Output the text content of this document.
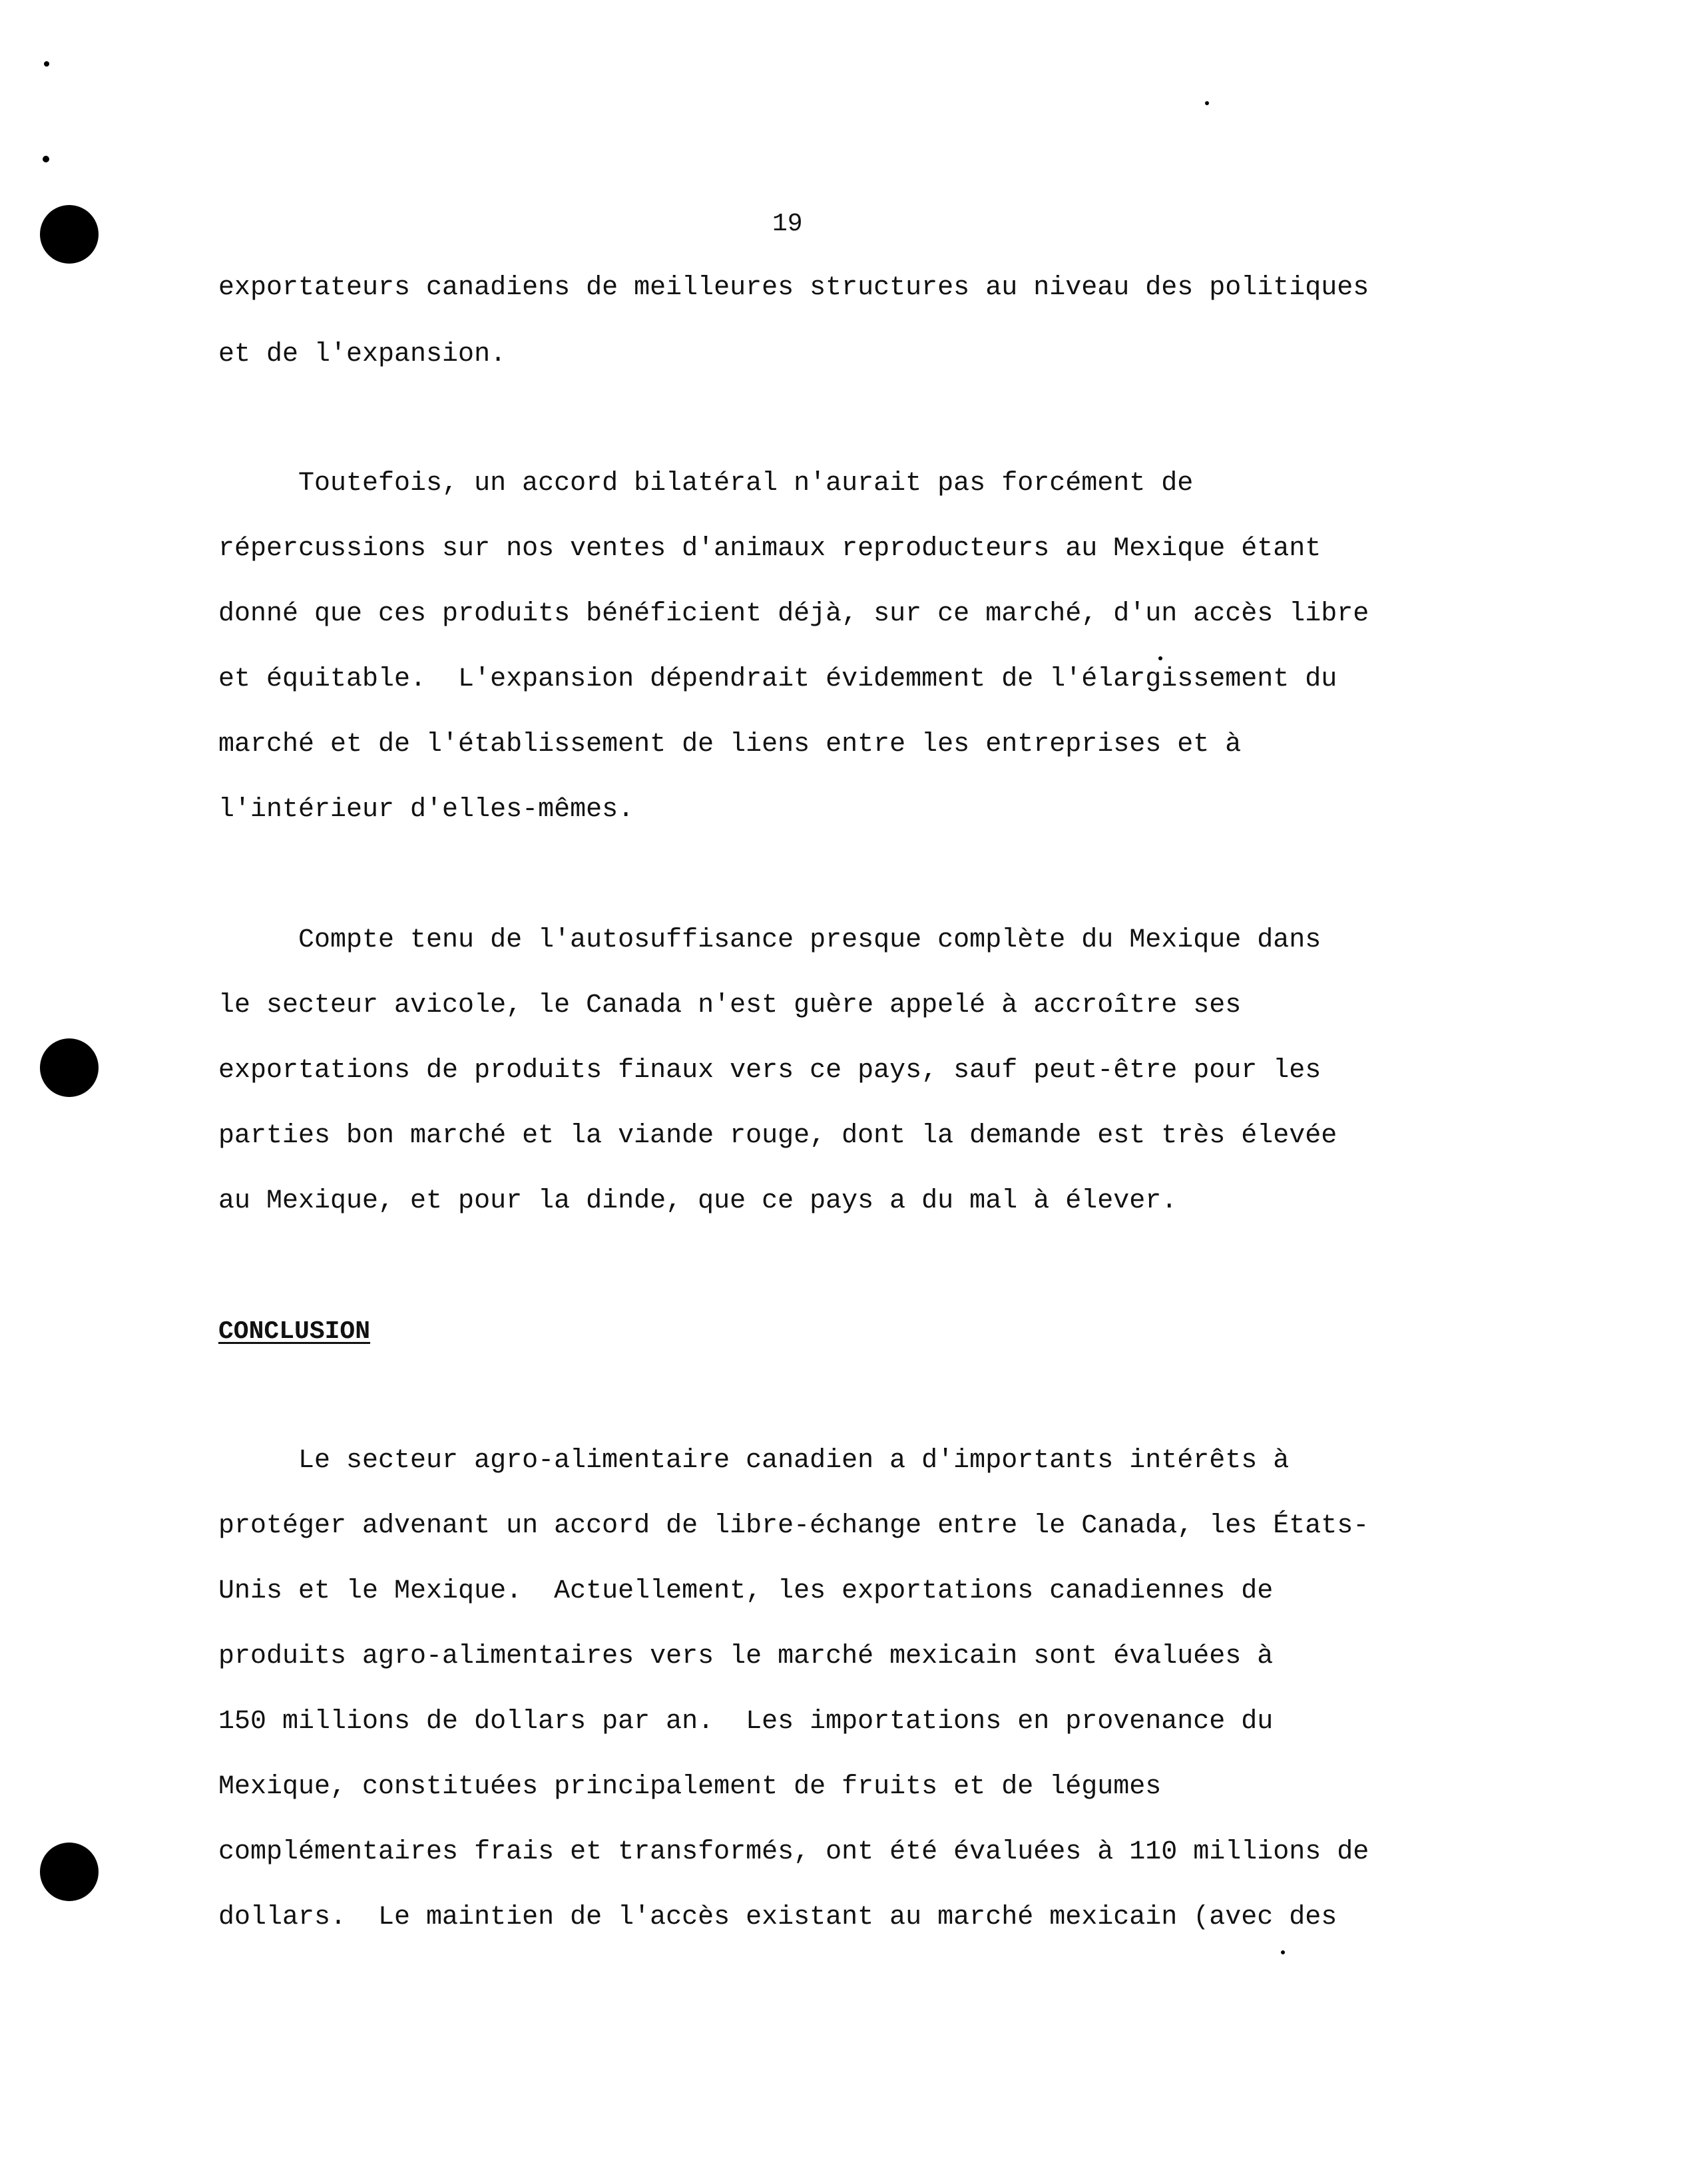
19
exportateurs canadiens de meilleures structures au niveau des politiques
et de l'expansion.
Toutefois, un accord bilatéral n'aurait pas forcément de
répercussions sur nos ventes d'animaux reproducteurs au Mexique étant
donné que ces produits bénéficient déjà, sur ce marché, d'un accès libre
et équitable.  L'expansion dépendrait évidemment de l'élargissement du
marché et de l'établissement de liens entre les entreprises et à
l'intérieur d'elles-mêmes.
Compte tenu de l'autosuffisance presque complète du Mexique dans
le secteur avicole, le Canada n'est guère appelé à accroître ses
exportations de produits finaux vers ce pays, sauf peut-être pour les
parties bon marché et la viande rouge, dont la demande est très élevée
au Mexique, et pour la dinde, que ce pays a du mal à élever.
CONCLUSION
Le secteur agro-alimentaire canadien a d'importants intérêts à
protéger advenant un accord de libre-échange entre le Canada, les États-
Unis et le Mexique.  Actuellement, les exportations canadiennes de
produits agro-alimentaires vers le marché mexicain sont évaluées à
150 millions de dollars par an.  Les importations en provenance du
Mexique, constituées principalement de fruits et de légumes
complémentaires frais et transformés, ont été évaluées à 110 millions de
dollars.  Le maintien de l'accès existant au marché mexicain (avec des
